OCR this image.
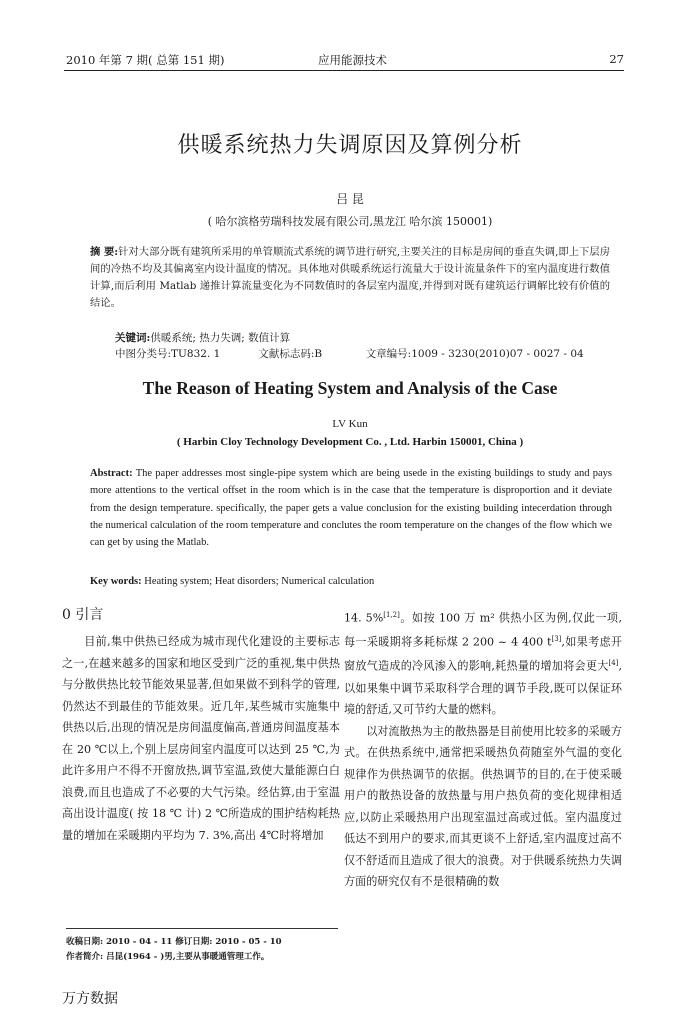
2010 年第 7 期( 总第 151 期)	应用能源技术	27
供暖系统热力失调原因及算例分析
吕 昆
( 哈尔滨格劳瑞科技发展有限公司,黑龙江 哈尔滨 150001)
摘 要:针对大部分既有建筑所采用的单管顺流式系统的调节进行研究,主要关注的目标是房间的垂直失调,即上下层房间的冷热不均及其偏离室内设计温度的情况。具体地对供暖系统运行流量大于设计流量条件下的室内温度进行数值计算,而后利用 Matlab 递推计算流量变化为不同数值时的各层室内温度,并得到对既有建筑运行调解比较有价值的结论。
关键词:供暖系统; 热力失调; 数值计算
中图分类号:TU832. 1	文献标志码:B	文章编号:1009 - 3230(2010)07 - 0027 - 04
The Reason of Heating System and Analysis of the Case
LV Kun
( Harbin Cloy Technology Development Co. , Ltd. Harbin 150001, China )
Abstract: The paper addresses most single-pipe system which are being usede in the existing buildings to study and pays more attentions to the vertical offset in the room which is in the case that the temperature is disproportion and it deviate from the design temperature. specifically, the paper gets a value conclusion for the existing building intecerdation through the numerical calculation of the room temperature and conclutes the room temperature on the changes of the flow which we can get by using the Matlab.
Key words: Heating system; Heat disorders; Numerical calculation
0 引言

目前,集中供热已经成为城市现代化建设的主要标志之一,在越来越多的国家和地区受到广泛的重视,集中供热与分散供热比较节能效果显著,但如果做不到科学的管理,仍然达不到最佳的节能效果。近几年,某些城市实施集中供热以后,出现的情况是房间温度偏高,普通房间温度基本在 20 ℃以上,个别上层房间室内温度可以达到 25 ℃,为此许多用户不得不开窗放热,调节室温,致使大量能源白白浪费,而且也造成了不必要的大气污染。经估算,由于室温高出设计温度( 按 18 ℃ 计) 2 ℃所造成的围护结构耗热量的增加在采暖期内平均为 7. 3%,高出 4℃时将增加

14. 5%[1,2]。如按 100 万 m² 供热小区为例,仅此一项,每一采暖期将多耗标煤 2 200 ~ 4 400 t[3],如果考虑开窗放气造成的冷风渗入的影响,耗热量的增加将会更大[4],以如果集中调节采取科学合理的调节手段,既可以保证环境的舒适,又可节约大量的燃料。

以对流散热为主的散热器是目前使用比较多的采暖方式。在供热系统中,通常把采暖热负荷随室外气温的变化规律作为供热调节的依据。供热调节的目的,在于使采暖用户的散热设备的放热量与用户热负荷的变化规律相适应,以防止采暖热用户出现室温过高或过低。室内温度过低达不到用户的要求,而其更谈不上舒适,室内温度过高不仅不舒适而且造成了很大的浪费。对于供暖系统热力失调方面的研究仅有不是很精确的数

收稿日期: 2010 - 04 - 11 修订日期: 2010 - 05 - 10
作者简介: 吕昆(1964 - )男,主要从事暖通管理工作。
万方数据
